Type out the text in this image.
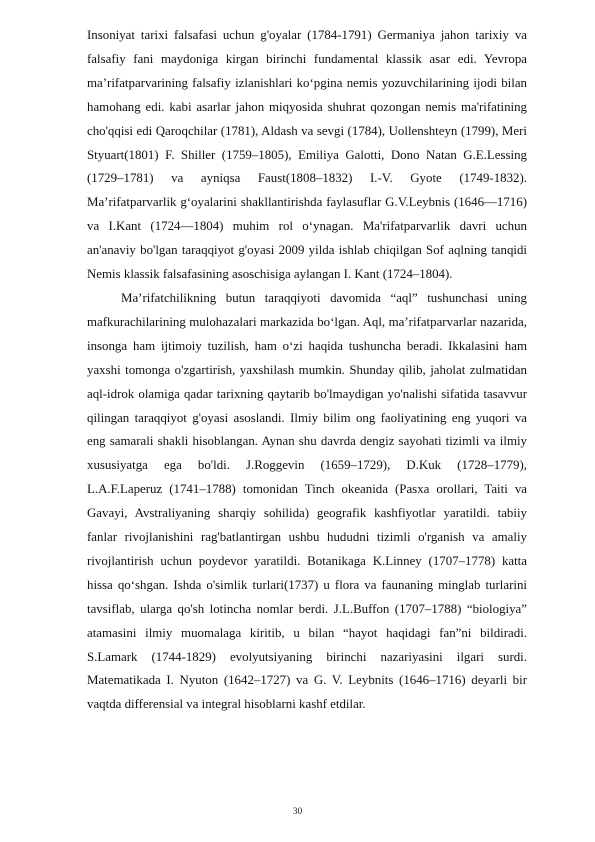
Insoniyat tarixi falsafasi uchun g'oyalar (1784-1791) Germaniya jahon tarixiy va falsafiy fani maydoniga kirgan birinchi fundamental klassik asar edi. Yevropa ma’rifatparvarining falsafiy izlanishlari ko‘pgina nemis yozuvchilarining ijodi bilan hamohang edi. kabi asarlar jahon miqyosida shuhrat qozongan nemis ma'rifatining cho'qqisi edi Qaroqchilar (1781), Aldash va sevgi (1784), Uollenshteyn (1799), Meri Styuart(1801) F. Shiller (1759–1805), Emiliya Galotti, Dono Natan G.E.Lessing (1729–1781) va ayniqsa Faust(1808–1832) I.-V. Gyote (1749-1832). Ma’rifatparvarlik g‘oyalarini shakllantirishda faylasuflar G.V.Leybnis (1646—1716) va I.Kant (1724—1804) muhim rol o‘ynagan. Ma'rifatparvarlik davri uchun an'anaviy bo'lgan taraqqiyot g'oyasi 2009 yilda ishlab chiqilgan Sof aqlning tanqidi Nemis klassik falsafasining asoschisiga aylangan I. Kant (1724–1804).

Ma’rifatchilikning butun taraqqiyoti davomida “aql” tushunchasi uning mafkurachilarining mulohazalari markazida bo‘lgan. Aql, ma’rifatparvarlar nazarida, insonga ham ijtimoiy tuzilish, ham o‘zi haqida tushuncha beradi. Ikkalasini ham yaxshi tomonga o'zgartirish, yaxshilash mumkin. Shunday qilib, jaholat zulmatidan aql-idrok olamiga qadar tarixning qaytarib bo'lmaydigan yo'nalishi sifatida tasavvur qilingan taraqqiyot g'oyasi asoslandi. Ilmiy bilim ong faoliyatining eng yuqori va eng samarali shakli hisoblangan. Aynan shu davrda dengiz sayohati tizimli va ilmiy xususiyatga ega bo'ldi. J.Roggevin (1659–1729), D.Kuk (1728–1779), L.A.F.Laperuz (1741–1788) tomonidan Tinch okeanida (Pasxa orollari, Taiti va Gavayi, Avstraliyaning sharqiy sohilida) geografik kashfiyotlar yaratildi. tabiiy fanlar rivojlanishini rag'batlantirgan ushbu hududni tizimli o'rganish va amaliy rivojlantirish uchun poydevor yaratildi. Botanikaga K.Linney (1707–1778) katta hissa qo‘shgan. Ishda o'simlik turlari(1737) u flora va faunaning minglab turlarini tavsiflab, ularga qo'sh lotincha nomlar berdi. J.L.Buffon (1707–1788) “biologiya” atamasini ilmiy muomalaga kiritib, u bilan “hayot haqidagi fan”ni bildiradi. S.Lamark (1744-1829) evolyutsiyaning birinchi nazariyasini ilgari surdi. Matematikada I. Nyuton (1642–1727) va G. V. Leybnits (1646–1716) deyarli bir vaqtda differensial va integral hisoblarni kashf etdilar.

30
